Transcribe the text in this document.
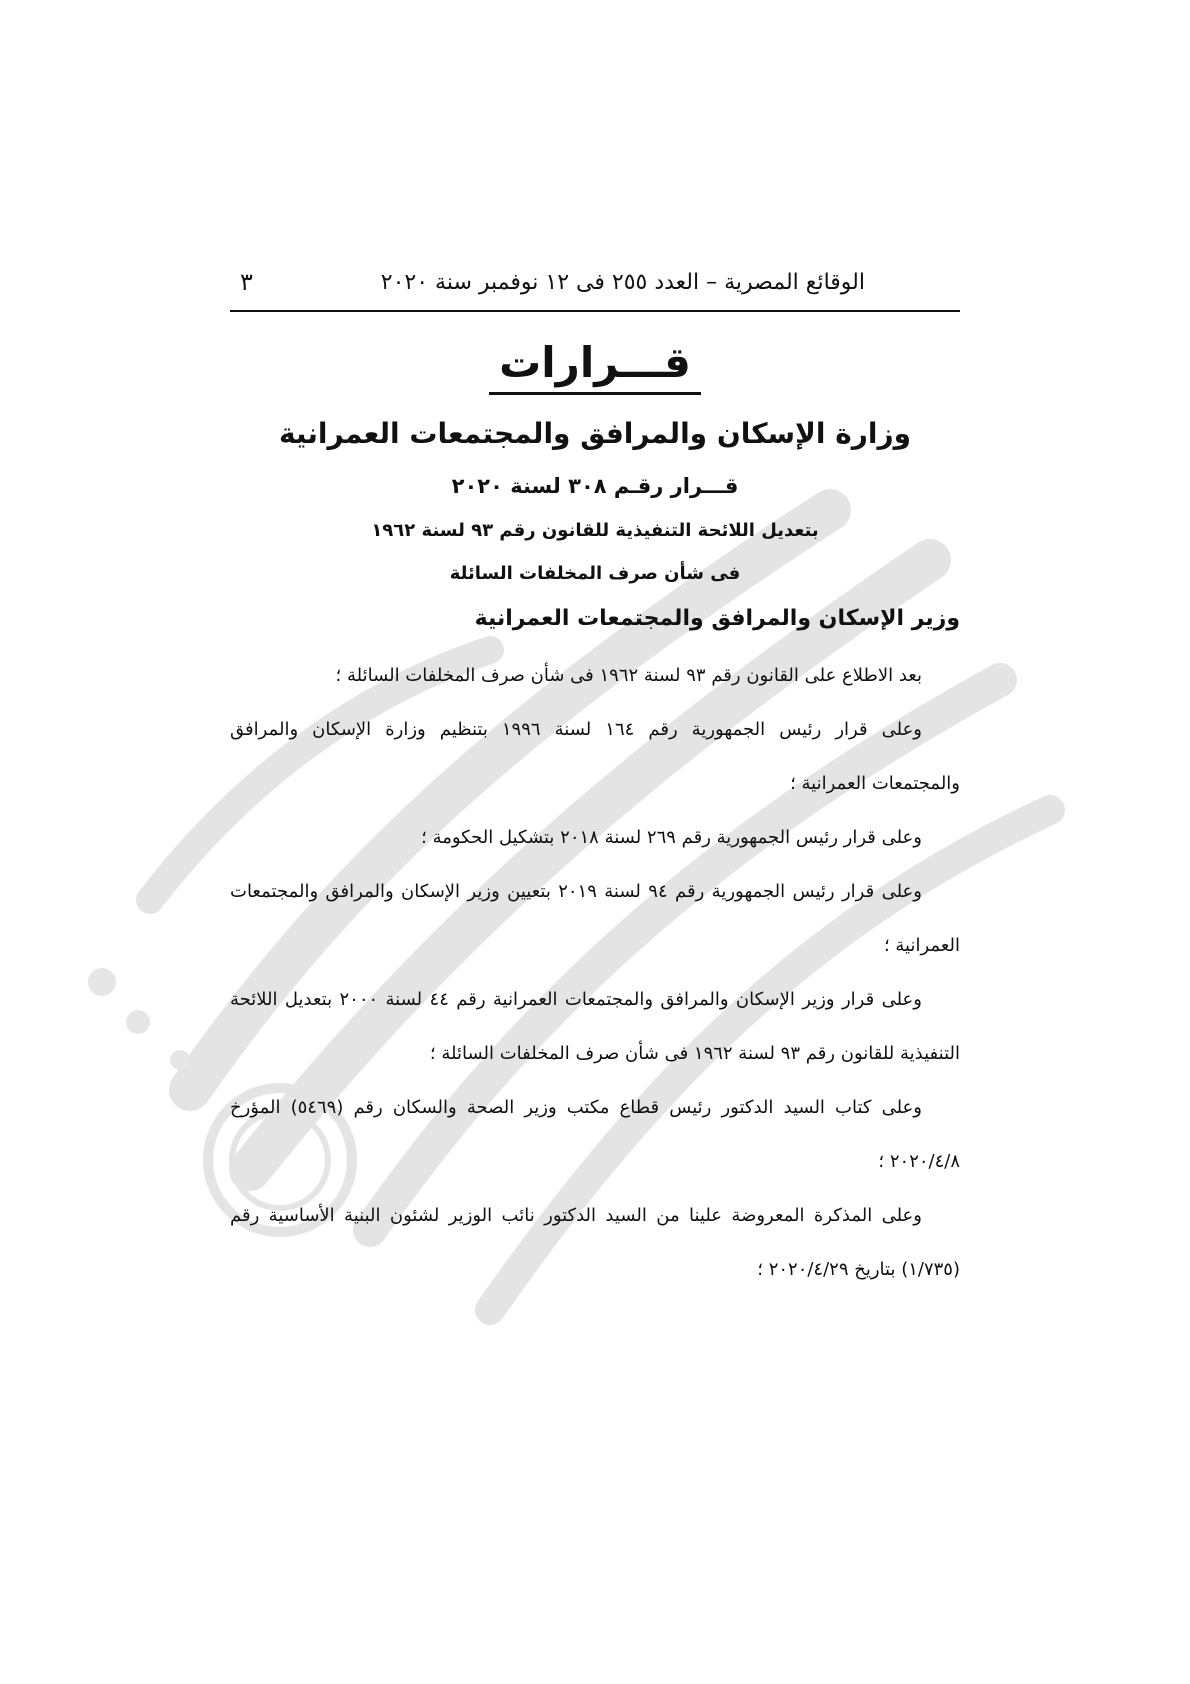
الوقائع المصرية – العدد ٢٥٥ فى ١٢ نوفمبر سنة ٢٠٢٠
٣
قـــرارات
وزارة الإسكان والمرافق والمجتمعات العمرانية
قـــرار رقـم ٣٠٨ لسنة ٢٠٢٠
بتعديل اللائحة التنفيذية للقانون رقم ٩٣ لسنة ١٩٦٢
فى شأن صرف المخلفات السائلة
وزير الإسكان والمرافق والمجتمعات العمرانية

بعد الاطلاع على القانون رقم ٩٣ لسنة ١٩٦٢ فى شأن صرف المخلفات السائلة ؛

وعلى قرار رئيس الجمهورية رقم ١٦٤ لسنة ١٩٩٦ بتنظيم وزارة الإسكان والمرافق والمجتمعات العمرانية ؛

وعلى قرار رئيس الجمهورية رقم ٢٦٩ لسنة ٢٠١٨ بتشكيل الحكومة ؛

وعلى قرار رئيس الجمهورية رقم ٩٤ لسنة ٢٠١٩ بتعيين وزير الإسكان والمرافق والمجتمعات العمرانية ؛

وعلى قرار وزير الإسكان والمرافق والمجتمعات العمرانية رقم ٤٤ لسنة ٢٠٠٠ بتعديل اللائحة التنفيذية للقانون رقم ٩٣ لسنة ١٩٦٢ فى شأن صرف المخلفات السائلة ؛

وعلى كتاب السيد الدكتور رئيس قطاع مكتب وزير الصحة والسكان رقم (٥٤٦٩) المؤرخ ٢٠٢٠/٤/٨ ؛

وعلى المذكرة المعروضة علينا من السيد الدكتور نائب الوزير لشئون البنية الأساسية رقم (١/٧٣٥) بتاريخ ٢٠٢٠/٤/٢٩ ؛
